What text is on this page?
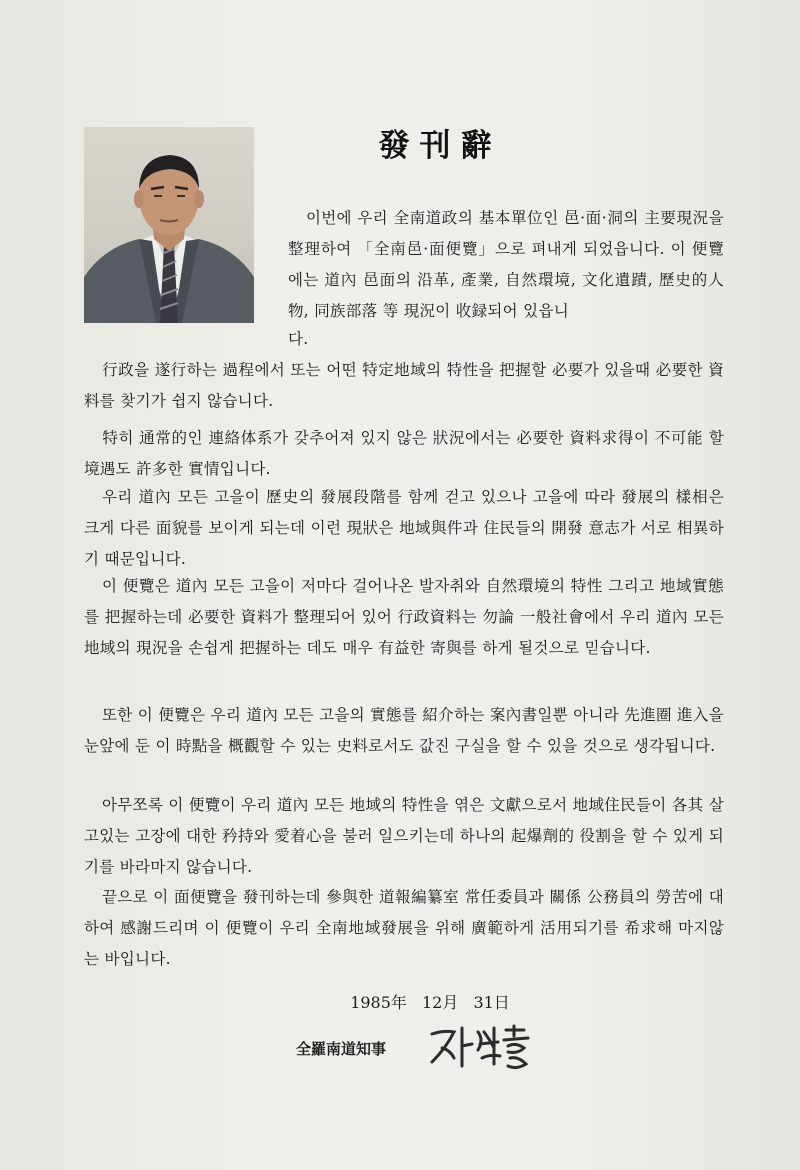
發刊辭
이번에 우리 全南道政의 基本單位인 邑·面·洞의 主要現況을 整理하여 「全南邑·面便覽」으로 펴내게 되었읍니다. 이 便覽에는 道內 邑面의 沿革, 產業, 自然環境, 文化遺蹟, 歷史的人物, 同族部落 等 現況이 收録되어 있읍니
다.
行政을 遂行하는 過程에서 또는 어떤 特定地域의 特性을 把握할 必要가 있을때 必要한 資料를 찾기가 쉽지 않습니다.
特히 通常的인 連絡体系가 갖추어져 있지 않은 狀況에서는 必要한 資料求得이 不可能 할 境遇도 許多한 實情입니다.
우리 道內 모든 고을이 歷史의 發展段階를 함께 걷고 있으나 고을에 따라 發展의 樣相은 크게 다른 面貌를 보이게 되는데 이런 現狀은 地域與件과 住民들의 開發 意志가 서로 相異하기 때문입니다.
이 便覽은 道內 모든 고을이 저마다 걸어나온 발자취와 自然環境의 特性 그리고 地域實態를 把握하는데 必要한 資料가 整理되어 있어 行政資料는 勿論 一般社會에서 우리 道內 모든 地域의 現況을 손쉽게 把握하는 데도 매우 有益한 寄與를 하게 될것으로 믿습니다.
또한 이 便覽은 우리 道內 모든 고을의 實態를 紹介하는 案內書일뿐 아니라 先進圈 進入을 눈앞에 둔 이 時點을 概觀할 수 있는 史料로서도 값진 구실을 할 수 있을 것으로 생각됩니다.
아무쪼록 이 便覽이 우리 道內 모든 地域의 特性을 엮은 文獻으로서 地域住民들이 各其 살고있는 고장에 대한 矜持와 愛着心을 불러 일으키는데 하나의 起爆劑的 役割을 할 수 있게 되기를 바라마지 않습니다.
끝으로 이 面便覽을 發刊하는데 參與한 道報編纂室 常任委員과 關係 公務員의 勞苦에 대하여 感謝드리며 이 便覽이 우리 全南地域發展을 위해 廣範하게 活用되기를 希求해 마지않는 바입니다.
1985年 12月 31日
全羅南道知事
